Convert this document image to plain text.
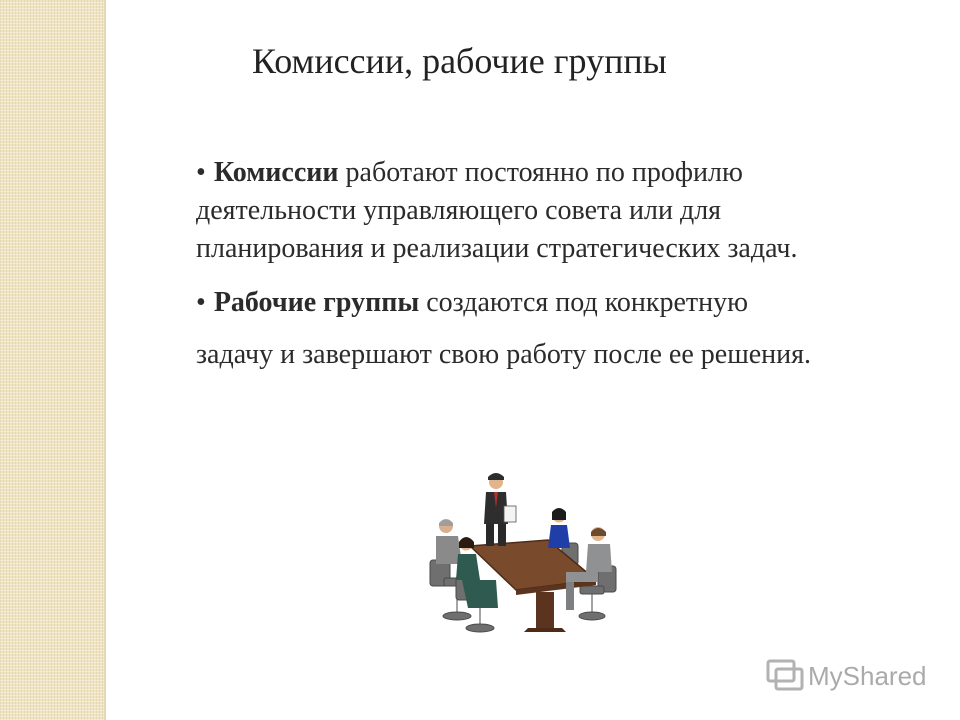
Комиссии, рабочие группы
• Комиссии работают постоянно по профилю
деятельности управляющего совета или для
планирования и реализации стратегических задач.
• Рабочие группы создаются под конкретную
задачу и завершают свою работу после ее решения.
MyShared
